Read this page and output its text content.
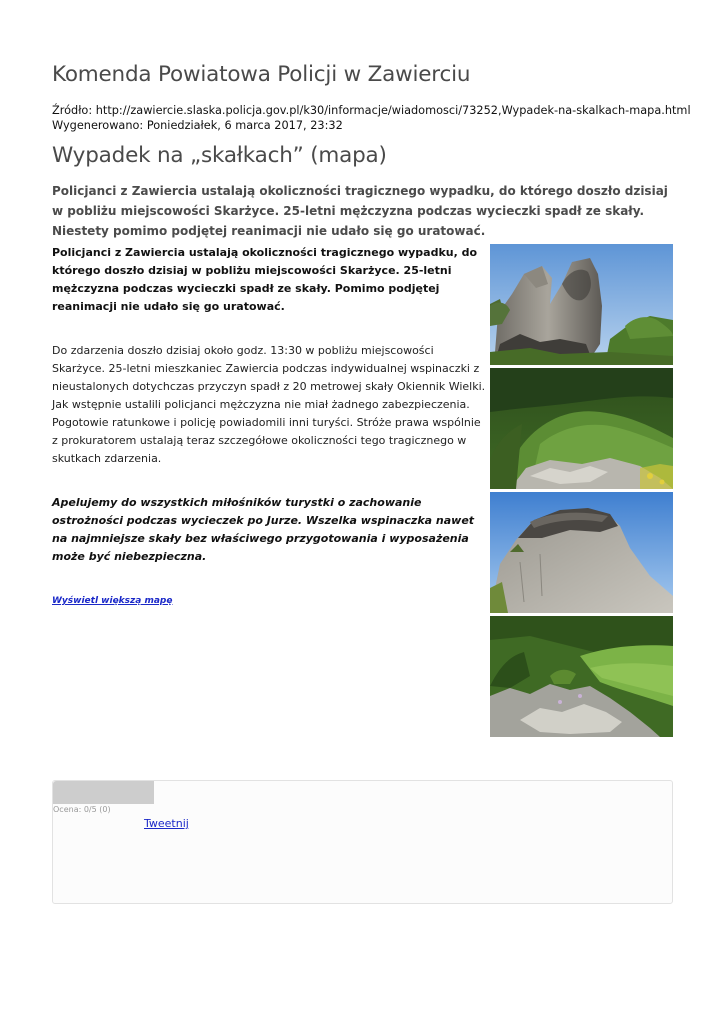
Komenda Powiatowa Policji w Zawierciu
Źródło: http://zawiercie.slaska.policja.gov.pl/k30/informacje/wiadomosci/73252,Wypadek-na-skalkach-mapa.html
Wygenerowano: Poniedziałek, 6 marca 2017, 23:32
Wypadek na „skałkach” (mapa)
Policjanci z Zawiercia ustalają okoliczności tragicznego wypadku, do którego doszło dzisiaj w pobliżu miejscowości Skarżyce. 25-letni mężczyzna podczas wycieczki spadł ze skały. Niestety pomimo podjętej reanimacji nie udało się go uratować.

Policjanci z Zawiercia ustalają okoliczności tragicznego wypadku, do którego doszło dzisiaj w pobliżu miejscowości Skarżyce. 25-letni mężczyzna podczas wycieczki spadł ze skały. Pomimo podjętej reanimacji nie udało się go uratować.

Do zdarzenia doszło dzisiaj około godz. 13:30 w pobliżu miejscowości Skarżyce. 25-letni mieszkaniec Zawiercia podczas indywidualnej wspinaczki z nieustalonych dotychczas przyczyn spadł z 20 metrowej skały Okiennik Wielki. Jak wstępnie ustalili policjanci mężczyzna nie miał żadnego zabezpieczenia. Pogotowie ratunkowe i policję powiadomili inni turyści. Stróże prawa wspólnie z prokuratorem ustalają teraz szczegółowe okoliczności tego tragicznego w skutkach zdarzenia.

Apelujemy do wszystkich miłośników turystki o zachowanie ostrożności podczas wycieczek po Jurze. Wszelka wspinaczka nawet na najmniejsze skały bez właściwego przygotowania i wyposażenia może być niebezpieczna.

Wyświetl większą mapę
Ocena: 0/5 (0)
Tweetnij
